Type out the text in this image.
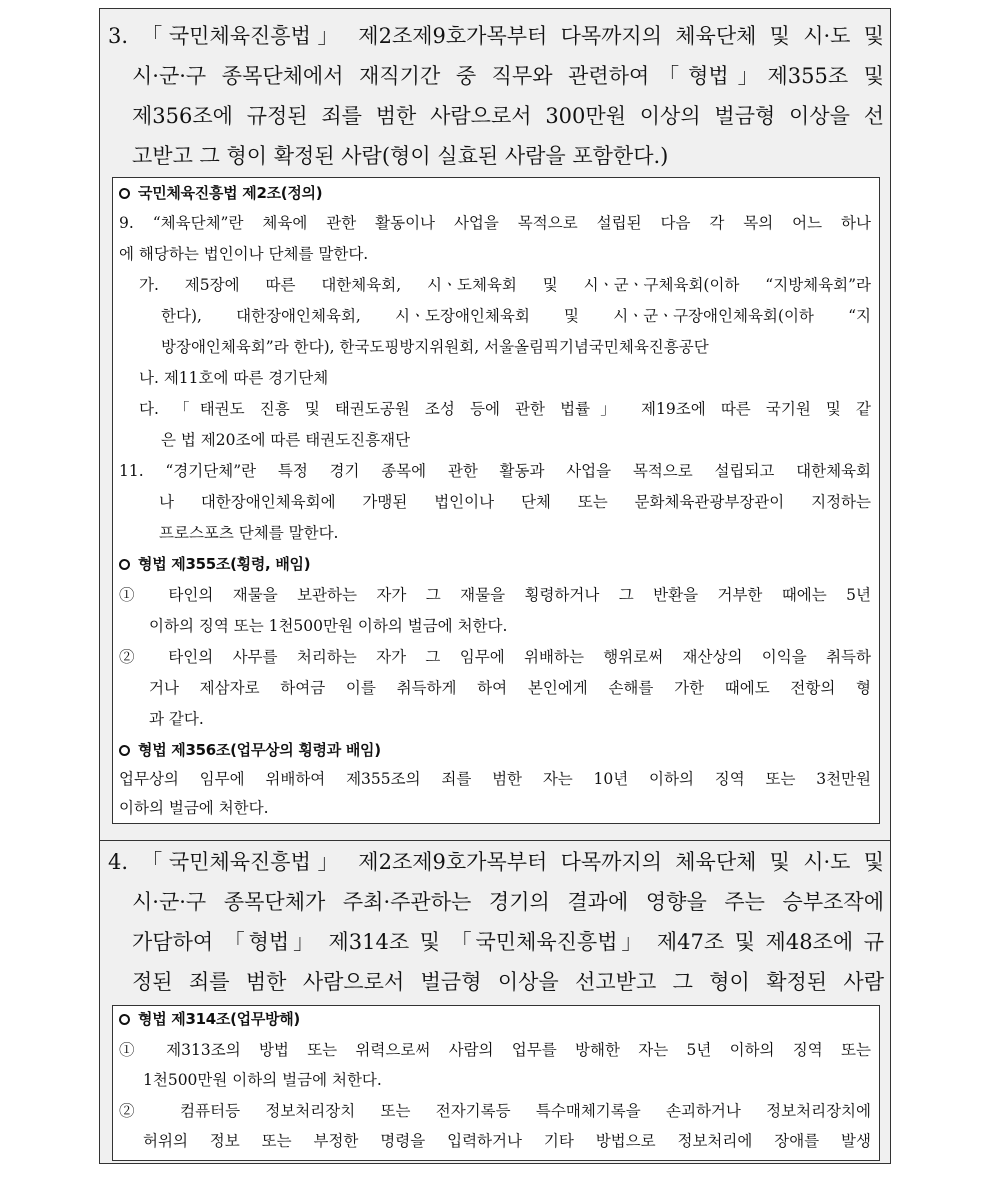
3. 「국민체육진흥법」 제2조제9호가목부터 다목까지의 체육단체 및 시·도 및
시·군·구 종목단체에서 재직기간 중 직무와 관련하여「형법」제355조 및
제356조에 규정된 죄를 범한 사람으로서 300만원 이상의 벌금형 이상을 선
고받고 그 형이 확정된 사람(형이 실효된 사람을 포함한다.)
국민체육진흥법 제2조(정의)
9. “체육단체”란 체육에 관한 활동이나 사업을 목적으로 설립된 다음 각 목의 어느 하나
에 해당하는 법인이나 단체를 말한다.
가. 제5장에 따른 대한체육회, 시ㆍ도체육회 및 시ㆍ군ㆍ구체육회(이하 “지방체육회”라
한다), 대한장애인체육회, 시ㆍ도장애인체육회 및 시ㆍ군ㆍ구장애인체육회(이하 “지
방장애인체육회”라 한다), 한국도핑방지위원회, 서울올림픽기념국민체육진흥공단
나. 제11호에 따른 경기단체
다. 「태권도 진흥 및 태권도공원 조성 등에 관한 법률」 제19조에 따른 국기원 및 같
은 법 제20조에 따른 태권도진흥재단
11. “경기단체”란 특정 경기 종목에 관한 활동과 사업을 목적으로 설립되고 대한체육회
나 대한장애인체육회에 가맹된 법인이나 단체 또는 문화체육관광부장관이 지정하는
프로스포츠 단체를 말한다.
형법 제355조(횡령, 배임)
① 타인의 재물을 보관하는 자가 그 재물을 횡령하거나 그 반환을 거부한 때에는 5년
이하의 징역 또는 1천500만원 이하의 벌금에 처한다.
② 타인의 사무를 처리하는 자가 그 임무에 위배하는 행위로써 재산상의 이익을 취득하
거나 제삼자로 하여금 이를 취득하게 하여 본인에게 손해를 가한 때에도 전항의 형
과 같다.
형법 제356조(업무상의 횡령과 배임)
업무상의 임무에 위배하여 제355조의 죄를 범한 자는 10년 이하의 징역 또는 3천만원
이하의 벌금에 처한다.
4. 「국민체육진흥법」 제2조제9호가목부터 다목까지의 체육단체 및 시·도 및
시·군·구 종목단체가 주최·주관하는 경기의 결과에 영향을 주는 승부조작에
가담하여 「형법」 제314조 및 「국민체육진흥법」 제47조 및 제48조에 규
정된 죄를 범한 사람으로서 벌금형 이상을 선고받고 그 형이 확정된 사람
형법 제314조(업무방해)
① 제313조의 방법 또는 위력으로써 사람의 업무를 방해한 자는 5년 이하의 징역 또는
1천500만원 이하의 벌금에 처한다.
② 컴퓨터등 정보처리장치 또는 전자기록등 특수매체기록을 손괴하거나 정보처리장치에
허위의 정보 또는 부정한 명령을 입력하거나 기타 방법으로 정보처리에 장애를 발생
